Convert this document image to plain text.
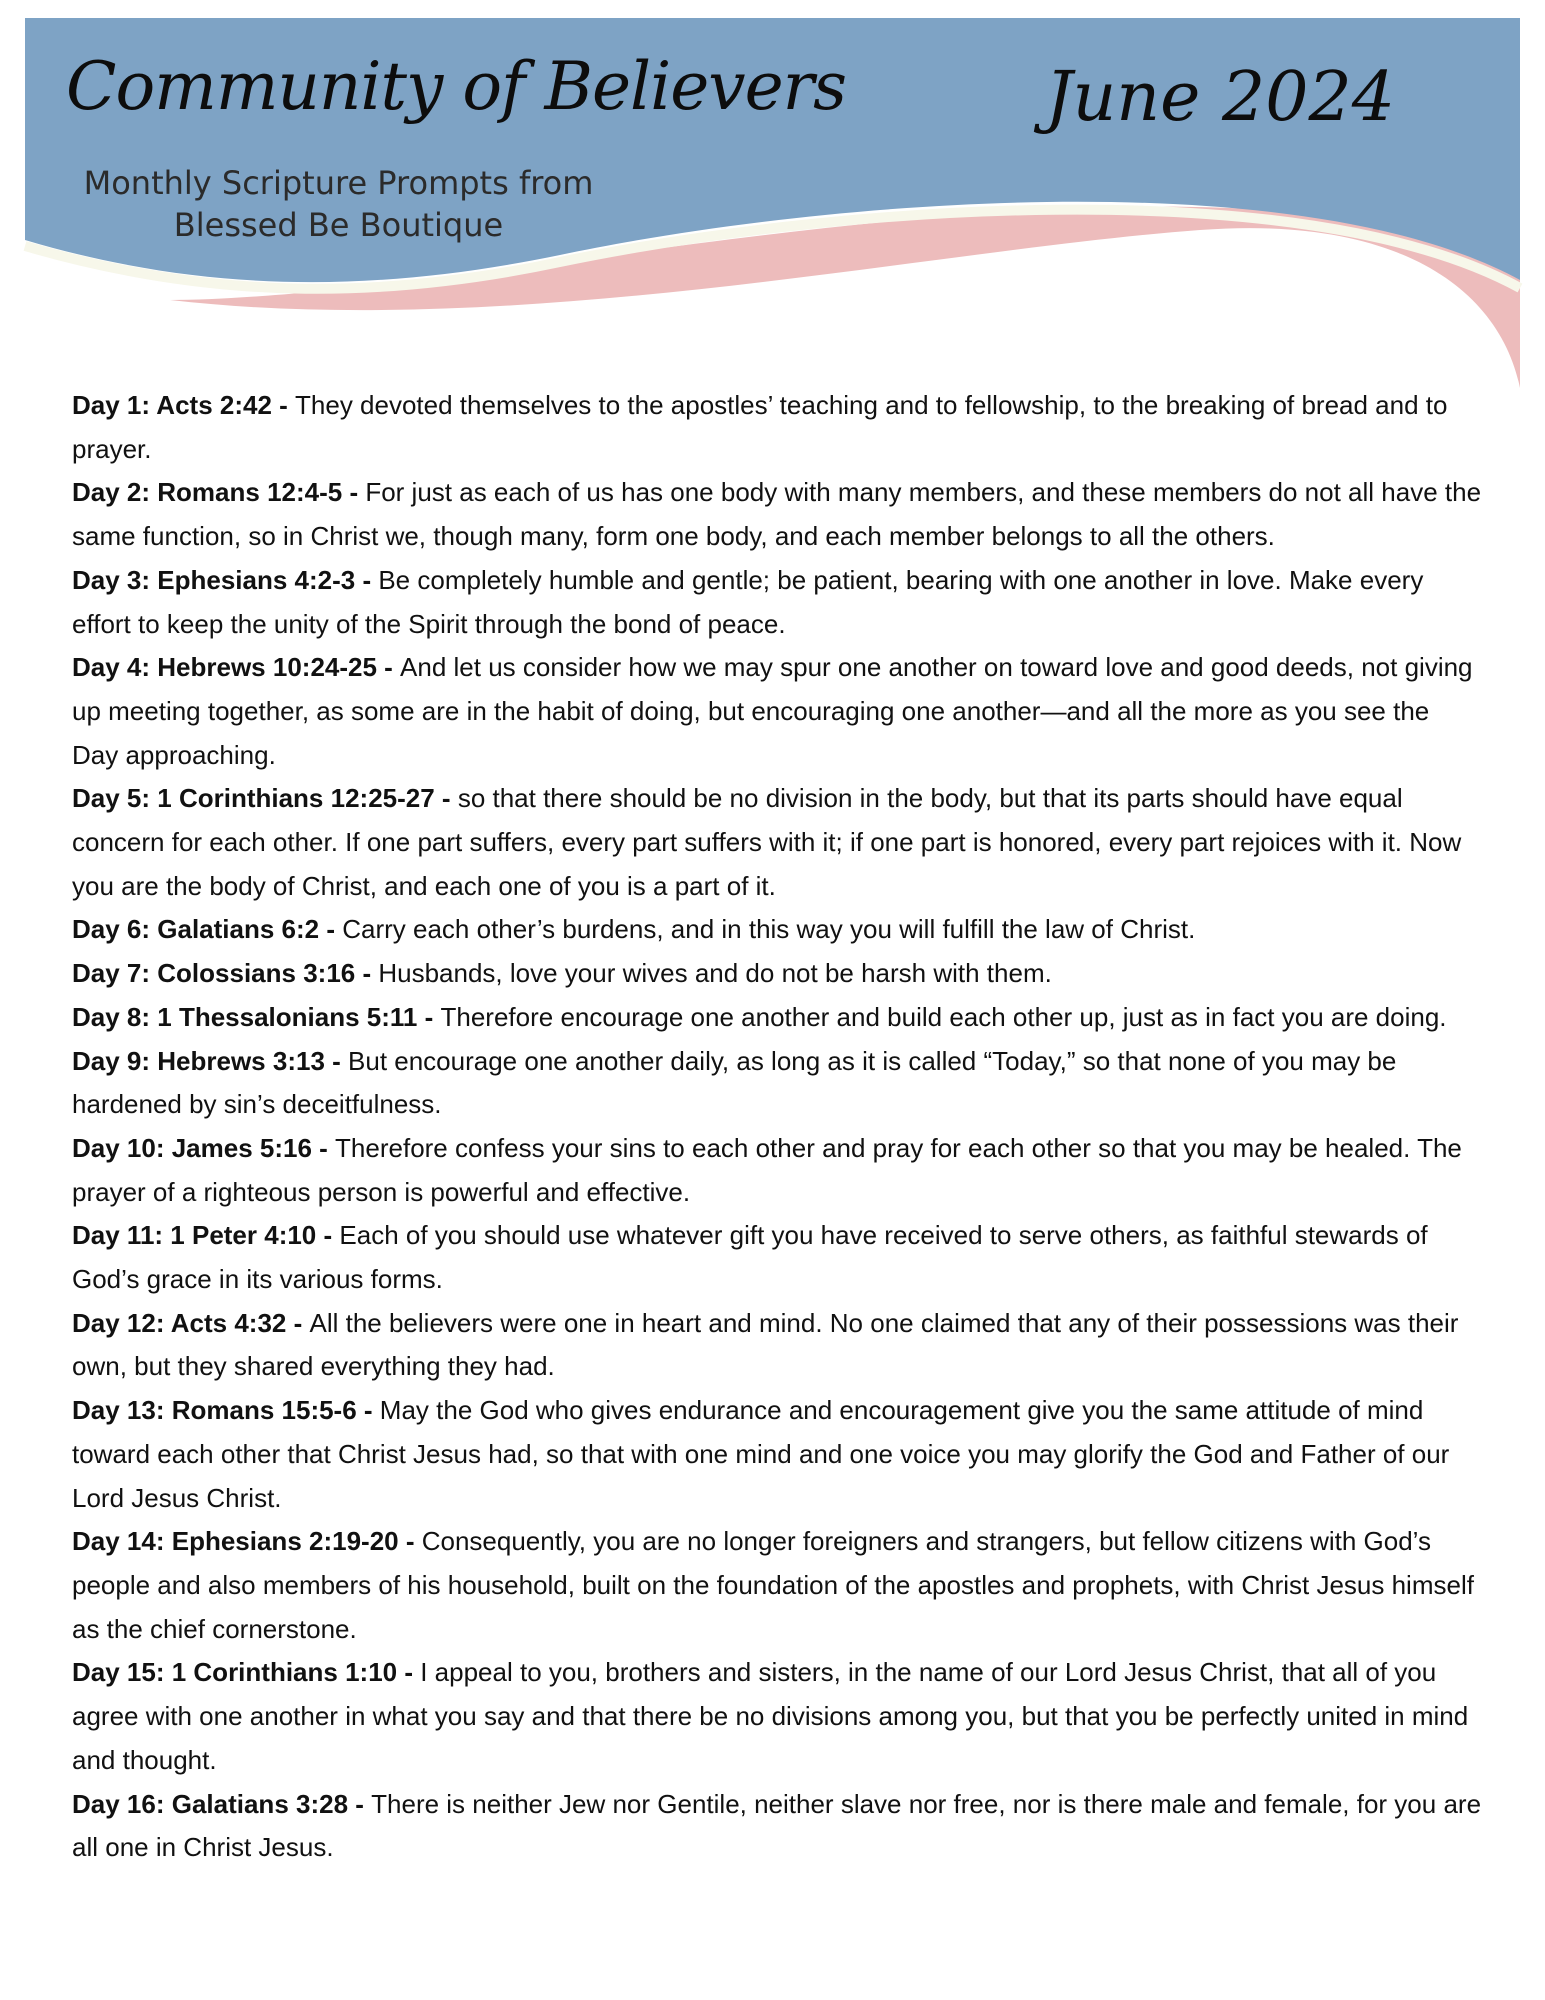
Community of Believers
Monthly Scripture Prompts from
Blessed Be Boutique
June 2024

Day 1: Acts 2:42 - They devoted themselves to the apostles’ teaching and to fellowship, to the breaking of bread and to prayer.

Day 2: Romans 12:4-5 - For just as each of us has one body with many members, and these members do not all have the same function, so in Christ we, though many, form one body, and each member belongs to all the others.

Day 3: Ephesians 4:2-3 - Be completely humble and gentle; be patient, bearing with one another in love. Make every effort to keep the unity of the Spirit through the bond of peace.

Day 4: Hebrews 10:24-25 - And let us consider how we may spur one another on toward love and good deeds, not giving up meeting together, as some are in the habit of doing, but encouraging one another—and all the more as you see the Day approaching.

Day 5: 1 Corinthians 12:25-27 - so that there should be no division in the body, but that its parts should have equal concern for each other. If one part suffers, every part suffers with it; if one part is honored, every part rejoices with it. Now you are the body of Christ, and each one of you is a part of it.

Day 6: Galatians 6:2 - Carry each other’s burdens, and in this way you will fulfill the law of Christ.

Day 7: Colossians 3:16 - Husbands, love your wives and do not be harsh with them.

Day 8: 1 Thessalonians 5:11 - Therefore encourage one another and build each other up, just as in fact you are doing.

Day 9: Hebrews 3:13 - But encourage one another daily, as long as it is called “Today,” so that none of you may be hardened by sin’s deceitfulness.

Day 10: James 5:16 - Therefore confess your sins to each other and pray for each other so that you may be healed. The prayer of a righteous person is powerful and effective.

Day 11: 1 Peter 4:10 - Each of you should use whatever gift you have received to serve others, as faithful stewards of God’s grace in its various forms.

Day 12: Acts 4:32 - All the believers were one in heart and mind. No one claimed that any of their possessions was their own, but they shared everything they had.

Day 13: Romans 15:5-6 - May the God who gives endurance and encouragement give you the same attitude of mind toward each other that Christ Jesus had, so that with one mind and one voice you may glorify the God and Father of our Lord Jesus Christ.

Day 14: Ephesians 2:19-20 - Consequently, you are no longer foreigners and strangers, but fellow citizens with God’s people and also members of his household, built on the foundation of the apostles and prophets, with Christ Jesus himself as the chief cornerstone.

Day 15: 1 Corinthians 1:10 - I appeal to you, brothers and sisters, in the name of our Lord Jesus Christ, that all of you agree with one another in what you say and that there be no divisions among you, but that you be perfectly united in mind and thought.

Day 16: Galatians 3:28 - There is neither Jew nor Gentile, neither slave nor free, nor is there male and female, for you are all one in Christ Jesus.
